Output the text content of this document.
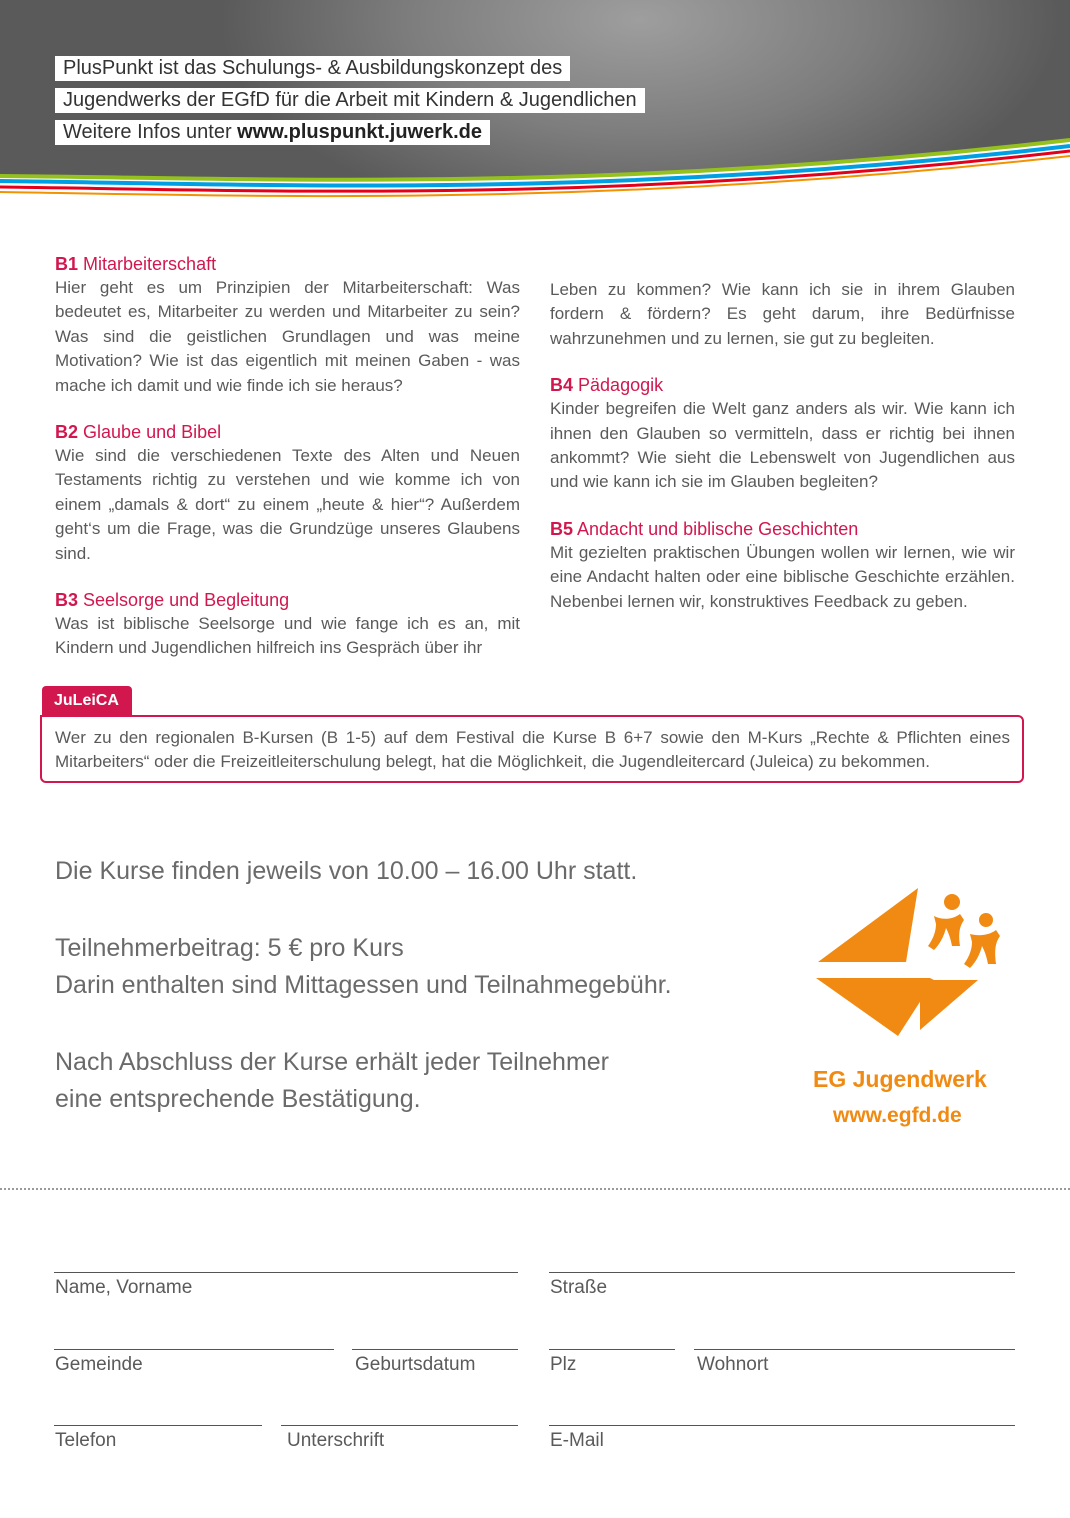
PlusPunkt ist das Schulungs- & Ausbildungskonzept des
Jugendwerks der EGfD für die Arbeit mit Kindern & Jugendlichen
Weitere Infos unter www.pluspunkt.juwerk.de
B1 Mitarbeiterschaft

Hier geht es um Prinzipien der Mitarbeiterschaft: Was bedeutet es, Mitarbeiter zu werden und Mitarbeiter zu sein? Was sind die geistlichen Grundlagen und was meine Motivation? Wie ist das eigentlich mit meinen Gaben - was mache ich damit und wie finde ich sie heraus?

B2 Glaube und Bibel

Wie sind die verschiedenen Texte des Alten und Neuen Testaments richtig zu verstehen und wie komme ich von einem „damals & dort“ zu einem „heute & hier“? Außerdem geht‘s um die Frage, was die Grundzüge unseres Glaubens sind.

B3 Seelsorge und Begleitung

Was ist biblische Seelsorge und wie fange ich es an, mit Kindern und Jugendlichen hilfreich ins Gespräch über ihr

Leben zu kommen? Wie kann ich sie in ihrem Glauben fordern & fördern? Es geht darum, ihre Bedürfnisse wahrzunehmen und zu lernen, sie gut zu begleiten.

B4 Pädagogik

Kinder begreifen die Welt ganz anders als wir. Wie kann ich ihnen den Glauben so vermitteln, dass er richtig bei ihnen ankommt? Wie sieht die Lebenswelt von Jugendlichen aus und wie kann ich sie im Glauben begleiten?

B5 Andacht und biblische Geschichten

Mit gezielten praktischen Übungen wollen wir lernen, wie wir eine Andacht halten oder eine biblische Geschichte erzählen. Nebenbei lernen wir, konstruktives Feedback zu geben.

JuLeiCA
Wer zu den regionalen B-Kursen (B 1-5) auf dem Festival die Kurse B 6+7 sowie den M-Kurs „Rechte & Pflichten eines Mitarbeiters“ oder die Freizeitleiterschulung belegt, hat die Möglichkeit, die Jugendleitercard (Juleica) zu bekommen.
Die Kurse finden jeweils von 10.00 – 16.00 Uhr statt.
Teilnehmerbeitrag: 5 € pro Kurs
Darin enthalten sind Mittagessen und Teilnahmegebühr.
Nach Abschluss der Kurse erhält jeder Teilnehmer
eine entsprechende Bestätigung.
EG Jugendwerk
www.egfd.de
Name, Vorname	Straße
Gemeinde	Geburtsdatum	Plz	Wohnort
Telefon	Unterschrift	E-Mail
